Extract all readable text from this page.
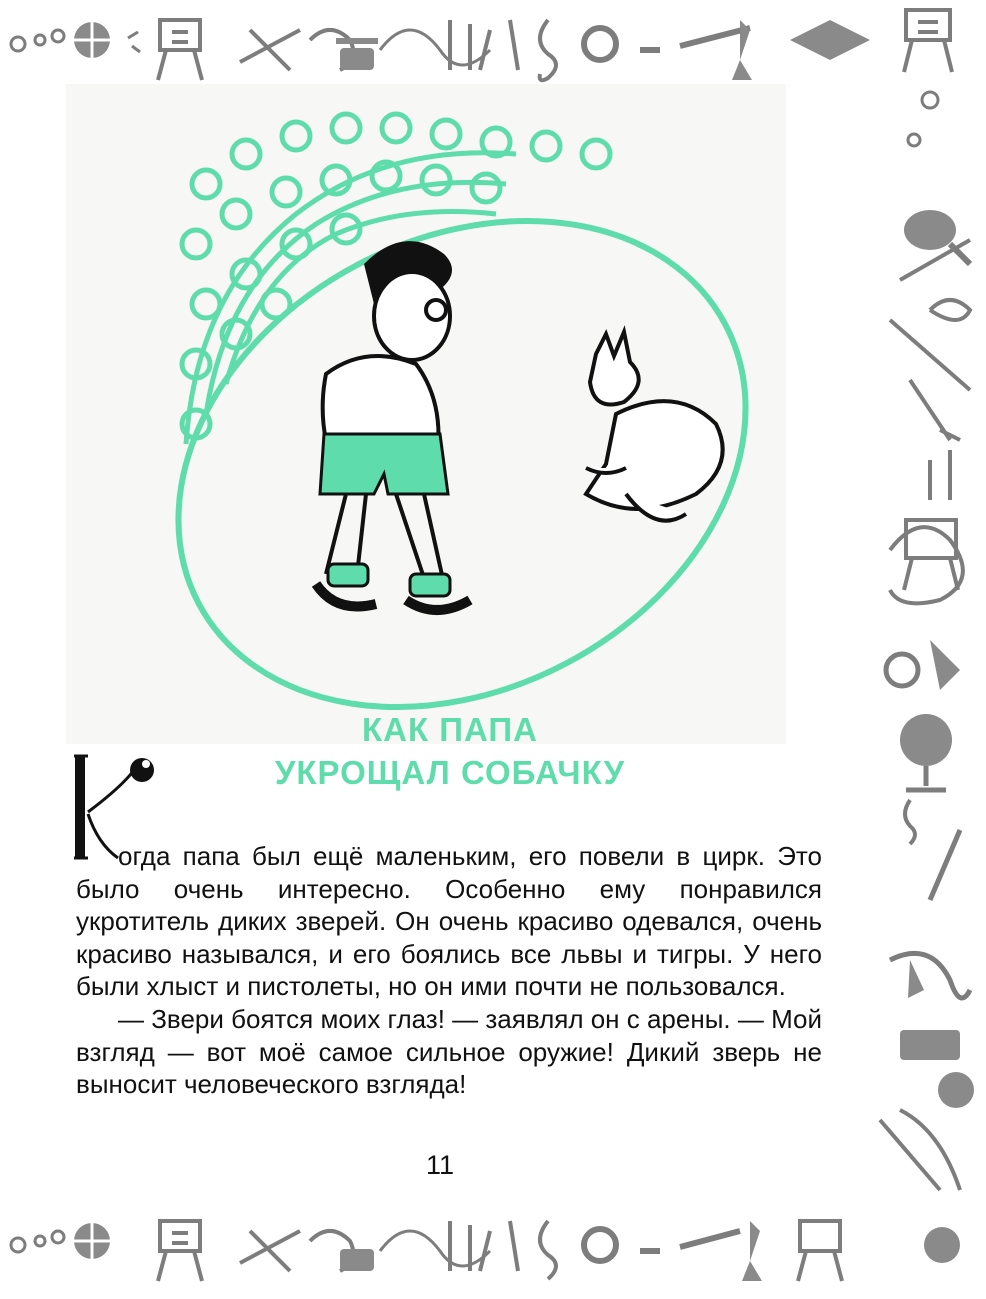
КАК ПАПА
УКРОЩАЛ СОБАЧКУ

огда папа был ещё маленьким, его повели в цирк. Это было очень интересно. Особенно ему понравился укротитель диких зверей. Он очень красиво одевался, очень красиво назывался, и его боялись все львы и тигры. У него были хлыст и пистолеты, но он ими почти не пользовался.

— Звери боятся моих глаз! — заявлял он с арены. — Мой взгляд — вот моё самое сильное оружие! Дикий зверь не выносит человеческого взгляда!

11
